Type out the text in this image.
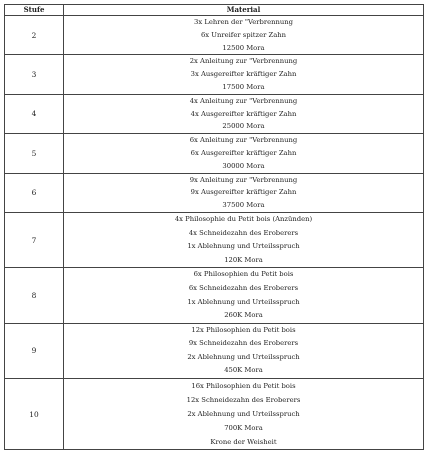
Stufe	Material
2	3x Lehren der "Verbrennung
6x Unreifer spitzer Zahn
12500 Mora

3	2x Anleitung zur "Verbrennung
3x Ausgereifter kräftiger Zahn
17500 Mora

4	4x Anleitung zur "Verbrennung
4x Ausgereifter kräftiger Zahn
25000 Mora

5	6x Anleitung zur "Verbrennung
6x Ausgereifter kräftiger Zahn
30000 Mora

6	9x Anleitung zur "Verbrennung
9x Ausgereifter kräftiger Zahn
37500 Mora

7	4x Philosophie du Petit bois (Anzünden)
4x Schneidezahn des Eroberers
1x Ablehnung und Urteilsspruch
120K Mora

8	6x Philosophien du Petit bois
6x Schneidezahn des Eroberers
1x Ablehnung und Urteilsspruch
260K Mora

9	12x Philosophien du Petit bois
9x Schneidezahn des Eroberers
2x Ablehnung und Urteilsspruch
450K Mora

10	16x Philosophien du Petit bois
12x Schneidezahn des Eroberers
2x Ablehnung und Urteilsspruch
700K Mora
Krone der Weisheit
